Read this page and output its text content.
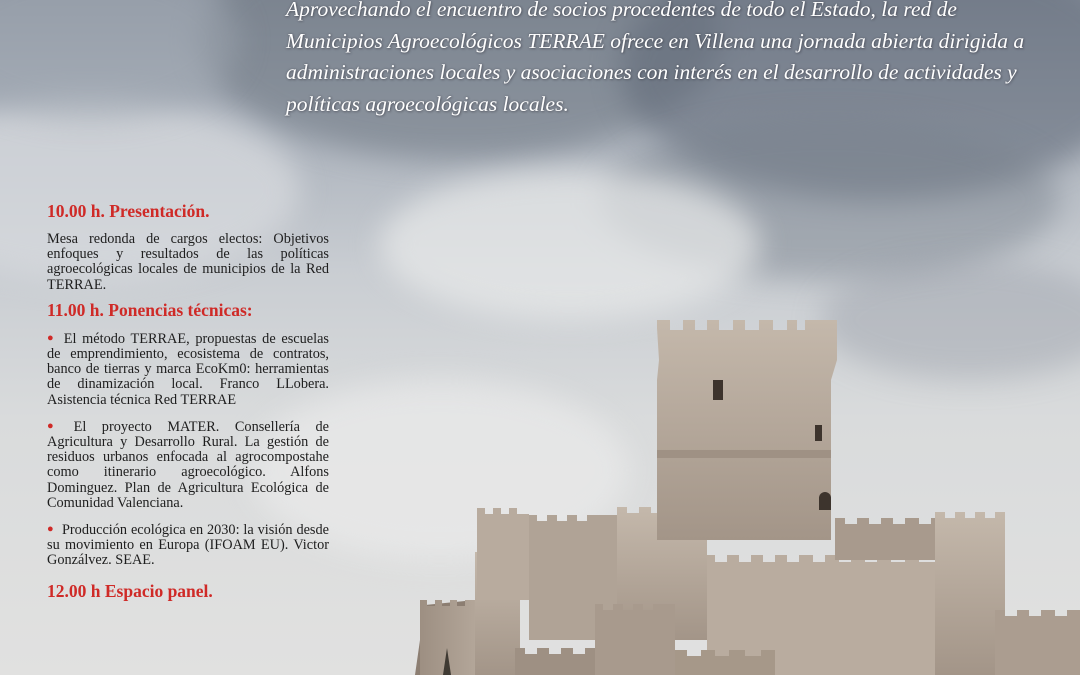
Aprovechando el encuentro de socios procedentes de todo el Estado, la red de Municipios Agroecológicos TERRAE ofrece en Villena una jornada abierta dirigida a administraciones locales y asociaciones con interés en el desarrollo de actividades y políticas agroecológicas locales.

10.00 h. Presentación.
Mesa redonda de cargos electos: Objetivos enfoques y resultados de las políticas agroecológicas locales de municipios de la Red TERRAE.
11.00 h. Ponencias técnicas:
● El método TERRAE, propuestas de escuelas de emprendimiento, ecosistema de contratos, banco de tierras y marca EcoKm0: herramientas de dinamización local. Franco LLobera. Asistencia técnica Red TERRAE
● El proyecto MATER. Consellería de Agricultura y Desarrollo Rural. La gestión de residuos urbanos enfocada al agrocompostahe como itinerario agroecológico. Alfons Dominguez. Plan de Agricultura Ecológica de Comunidad Valenciana.
● Producción ecológica en 2030: la visión desde su movimiento en Europa (IFOAM EU). Victor Gonzálvez. SEAE.
12.00 h Espacio panel.
